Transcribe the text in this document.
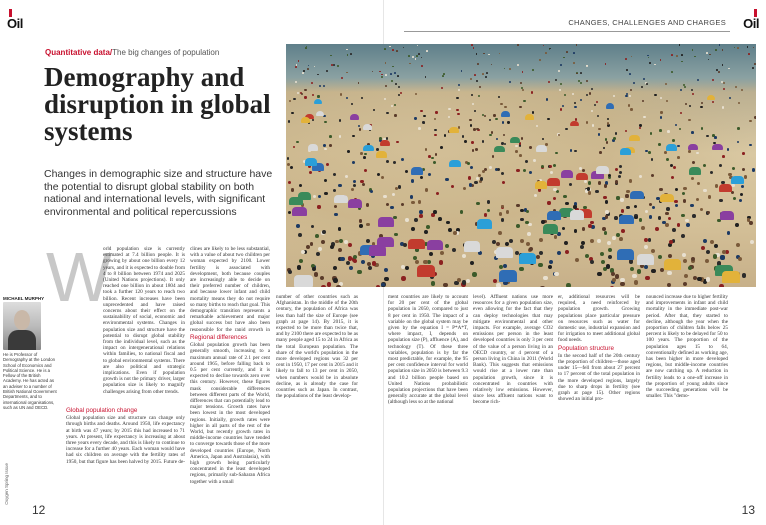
Oil
Quantitative data/The big changes of population
Demography and disruption in global systems

Changes in demographic size and structure have the potential to disrupt global stability on both national and international levels, with significant environmental and political repercussions

W
MICHAEL MURPHY

He is Professor of Demography at the London School of Economics and Political Science. He is a Fellow of the British Academy. He has acted as an adviser to a number of British National Government Departments, and to international organisations, such as UN and OECD.

orld population size is currently estimated at 7.4 billion people. It is growing by about one billion every 12 years, and it is expected to double from 4 to 8 billion between 1974 and 2025 (United Nations projections). It only reached one billion in about 1804 and took a further 120 years to reach two billion. Recent increases have been unprecedented and have raised concerns about their effect on the sustainability of social, economic and environmental systems. Changes in population size and structure have the potential to disrupt global stability from the individual level, such as the impact on intergenerational relations within families, to national fiscal and to global environmental systems. There are also political and strategic implications. Even if population growth is not the primary driver, larger population size is likely to magnify challenges arising from other trends.
Global population change
Global population size and structure can change only through births and deaths. Around 1950, life expectancy at birth was 47 years; by 2015 this had increased to 71 years. At present, life expectancy is increasing at about three years every decade, and this is likely to continue to increase for a further 40 years. Each woman would have had six children on average with the fertility rates of 1950, but that figure has been halved by 2015. Future de-
clines are likely to be less substantial, with a value of about two children per woman expected by 2100. Lower fertility is associated with development, both because couples are increasingly able to decide on their preferred number of children, and because lower infant and child mortality means they do not require so many births to reach that goal. This demographic transition represents a remarkable achievement and major global success but have also been responsible for the rapid growth in
Regional differences
Global population growth has been generally smooth, increasing to a maximum annual rate of 2.1 per cent around 1965, before falling back to 0.5 per cent currently, and it is expected to decline towards zero over this century. However, these figures mask considerable differences between different parts of the World, differences that can potentially lead to major tensions. Growth rates have been lowest in the most developed regions. Initially, growth rates were higher in all parts of the rest of the World, but recently growth rates in middle-income countries have tended to converge towards those of the more developed countries (Europe, North America, Japan and Australasia), with high growth being particularly concentrated in the least developed regions, primarily sub-Saharan Africa together with a small
number of other countries such as Afghanistan. In the middle of the 20th century, the population of Africa was less than half the size of Europe (see graph at page 14). By 2015, it is expected to be more than twice that, and by 2100 there are expected to be as many people aged 15 to 24 in Africa as the total European population. The share of the world's population in the more developed regions was 32 per cent in 1950, 17 per cent in 2015 and it likely to fall to 13 per cent in 2050, when numbers would be in absolute decline, as is already the case for countries such as Japan. In contrast, the populations of the least develop-
Oxygen Spring Issue
12
CHANGES, CHALLENGES AND CHARGES Oil
ment countries are likely to account for 20 per cent of the global population in 2050, compared to just 8 per cent in 1950. The impact of a variable on the global system may be given by the equation I = P*A*T, where impact, I, depends on population size (P), affluence (A), and technology (T). Of these three variables, population is by far the most predictable, for example, the 95 per cent confidence interval for world population size in 2050 is between 9.3 and 10.2 billion people based on United Nations probabilistic population projections that have been generally accurate at the global level (although less so at the national
level). Affluent nations use more resources for a given population size, even allowing for the fact that they can deploy technologies that may mitigate environmental and other impacts. For example, average CO2 emissions per person in the least developed countries is only 3 per cent of the value of a person living in an OECD country, or 4 percent of a person living in China in 2011 (World Bank). This suggests that emissions would rise at a lower rate than population growth, since it is concentrated in countries with relatively low emissions. However, since less affluent nations want to become rich-
er, additional resources will be required, a need reinforced by population growth. Growing populations place particular pressure on resources such as water for domestic use, industrial expansion and for irrigation to meet additional global food needs.
Population structure
In the second half of the 20th century the proportion of children—those aged under 15—fell from about 27 percent to 17 percent of the total population in the more developed regions, largely due to sharp drops in fertility (see graph at page 15). Other regions showed an initial pro-
nounced increase due to higher fertility and improvements in infant and child mortality in the immediate post-war period. After that, they started to decline, although the year when the proportion of children falls below 25 percent is likely to be delayed for 50 to 100 years. The proportion of the population ages 15 to 64, conventionally defined as working age, has been higher in more developed regions, but middle-income countries are now catching up. A reduction in fertility leads to a one-off increase in the proportion of young adults since the succeeding generations will be smaller. This "demo-
13
